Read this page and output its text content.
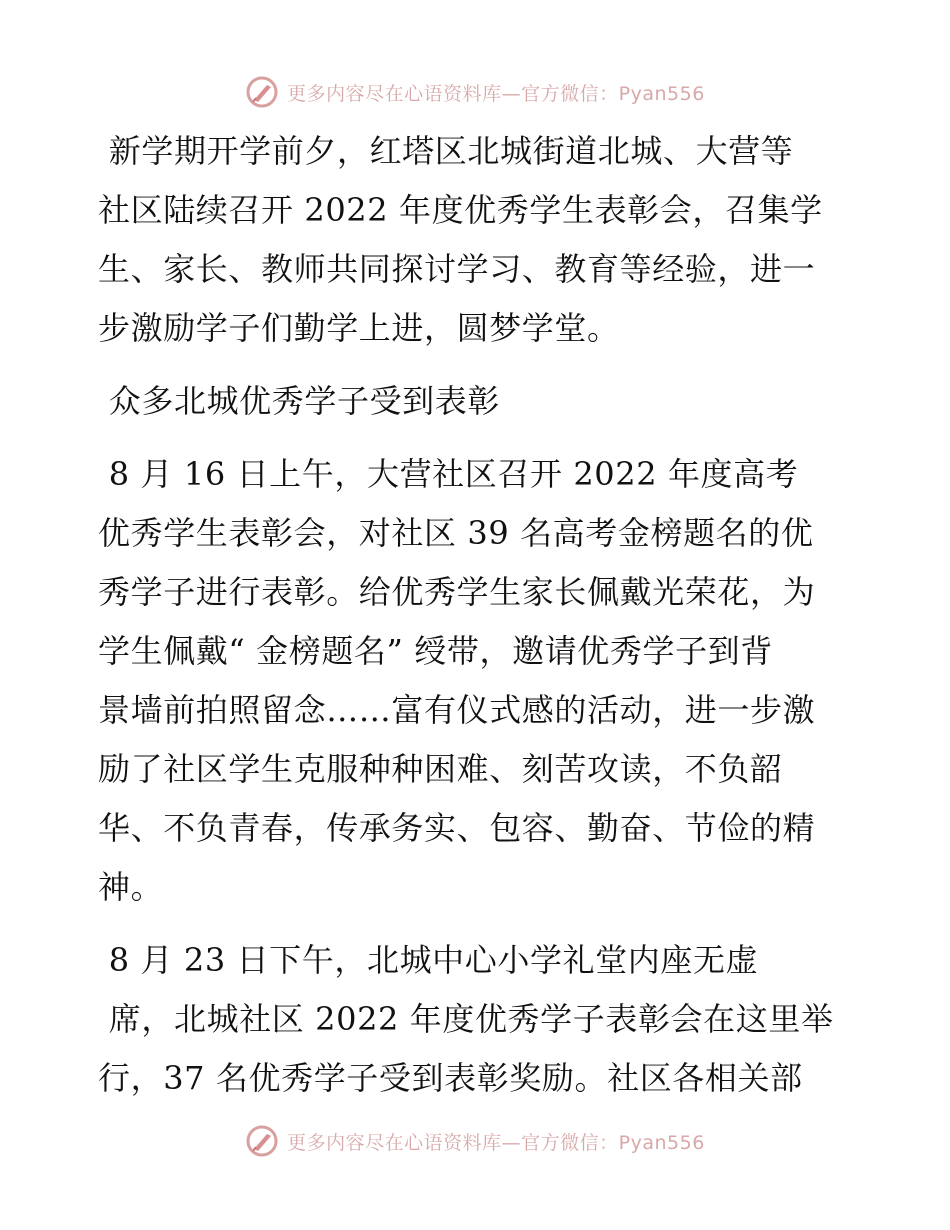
更多内容尽在心语资料库—官方微信：Pyan556
新学期开学前夕，红塔区北城街道北城、大营等
社区陆续召开 2022 年度优秀学生表彰会，召集学
生、家长、教师共同探讨学习、教育等经验，进一
步激励学子们勤学上进，圆梦学堂。
众多北城优秀学子受到表彰
8 月 16 日上午，大营社区召开 2022 年度高考
优秀学生表彰会，对社区 39 名高考金榜题名的优
秀学子进行表彰。给优秀学生家长佩戴光荣花，为
学生佩戴“ 金榜题名” 绶带，邀请优秀学子到背
景墙前拍照留念……富有仪式感的活动，进一步激
励了社区学生克服种种困难、刻苦攻读，不负韶
华、不负青春，传承务实、包容、勤奋、节俭的精
神。
8 月 23 日下午，北城中心小学礼堂内座无虚
席，北城社区 2022 年度优秀学子表彰会在这里举
行，37 名优秀学子受到表彰奖励。社区各相关部
更多内容尽在心语资料库—官方微信：Pyan556
